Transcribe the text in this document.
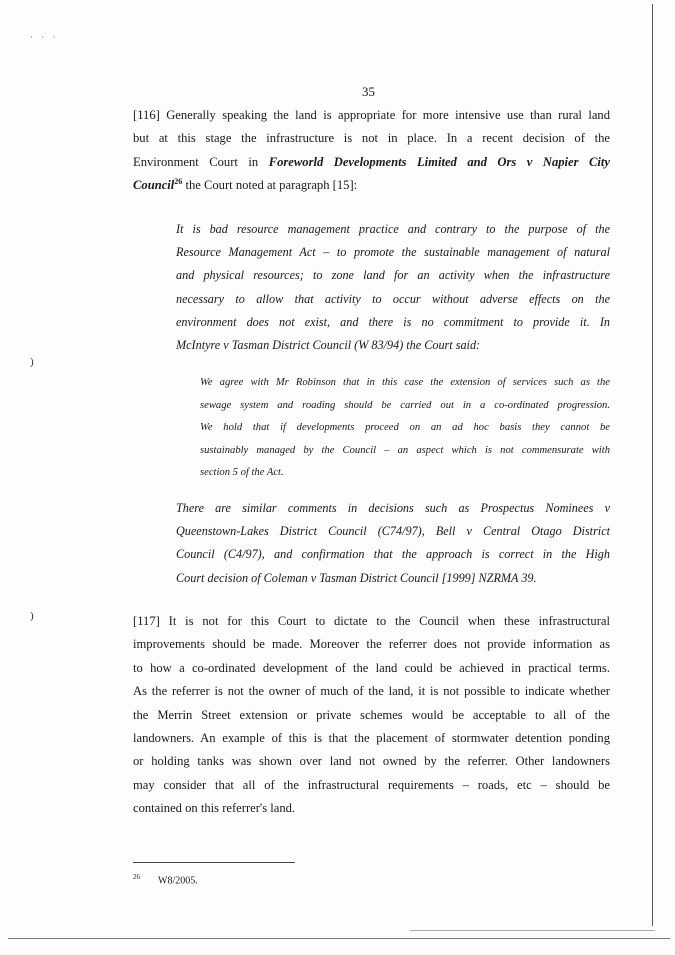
· · ·
)
)
35
[116] Generally speaking the land is appropriate for more intensive use than rural land
but at this stage the infrastructure is not in place. In a recent decision of the
Environment Court in Foreworld Developments Limited and Ors v Napier City
Council$^{26}$ the Court noted at paragraph [15]:
It is bad resource management practice and contrary to the purpose of the
Resource Management Act – to promote the sustainable management of natural
and physical resources; to zone land for an activity when the infrastructure
necessary to allow that activity to occur without adverse effects on the
environment does not exist, and there is no commitment to provide it. In
McIntyre v Tasman District Council (W 83/94) the Court said:
We agree with Mr Robinson that in this case the extension of services such as the
sewage system and roading should be carried out in a co-ordinated progression.
We hold that if developments proceed on an ad hoc basis they cannot be
sustainably managed by the Council – an aspect which is not commensurate with
section 5 of the Act.
There are similar comments in decisions such as Prospectus Nominees v
Queenstown-Lakes District Council (C74/97), Bell v Central Otago District
Council (C4/97), and confirmation that the approach is correct in the High
Court decision of Coleman v Tasman District Council [1999] NZRMA 39.
[117] It is not for this Court to dictate to the Council when these infrastructural
improvements should be made. Moreover the referrer does not provide information as
to how a co-ordinated development of the land could be achieved in practical terms.
As the referrer is not the owner of much of the land, it is not possible to indicate whether
the Merrin Street extension or private schemes would be acceptable to all of the
landowners. An example of this is that the placement of stormwater detention ponding
or holding tanks was shown over land not owned by the referrer. Other landowners
may consider that all of the infrastructural requirements – roads, etc – should be
contained on this referrer's land.
$^{26}$ W8/2005.
